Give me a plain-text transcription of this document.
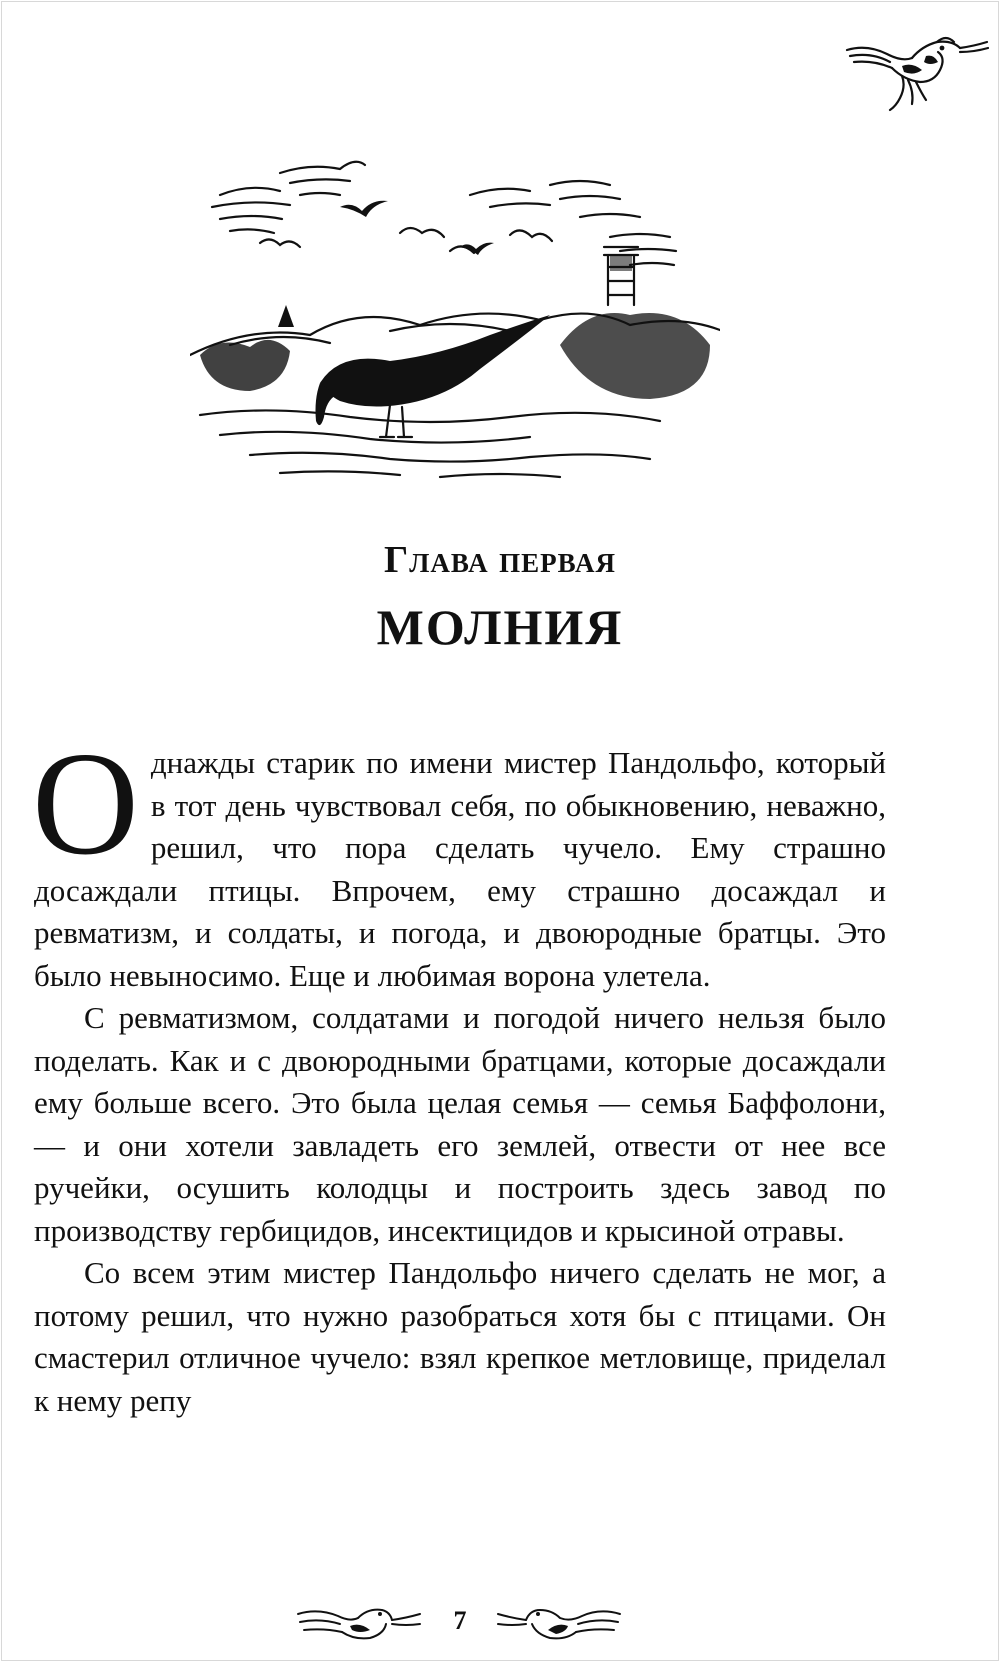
Глава первая
МОЛНИЯ

Однажды старик по имени мистер Пандольфо, который в тот день чувствовал себя, по обыкновению, неважно, решил, что пора сделать чучело. Ему страшно досаждали птицы. Впрочем, ему страшно досаждал и ревматизм, и солдаты, и погода, и двоюродные братцы. Это было невыносимо. Еще и любимая ворона улетела.

С ревматизмом, солдатами и погодой ничего нельзя было поделать. Как и с двоюродными братцами, которые досаждали ему больше всего. Это была целая семья — семья Баффолони, — и они хотели завладеть его землей, отвести от нее все ручейки, осушить колодцы и построить здесь завод по производству гербицидов, инсектицидов и крысиной отравы.

Со всем этим мистер Пандольфо ничего сделать не мог, а потому решил, что нужно разобраться хотя бы с птицами. Он смастерил отличное чучело: взял крепкое метловище, приделал к нему репу

7
